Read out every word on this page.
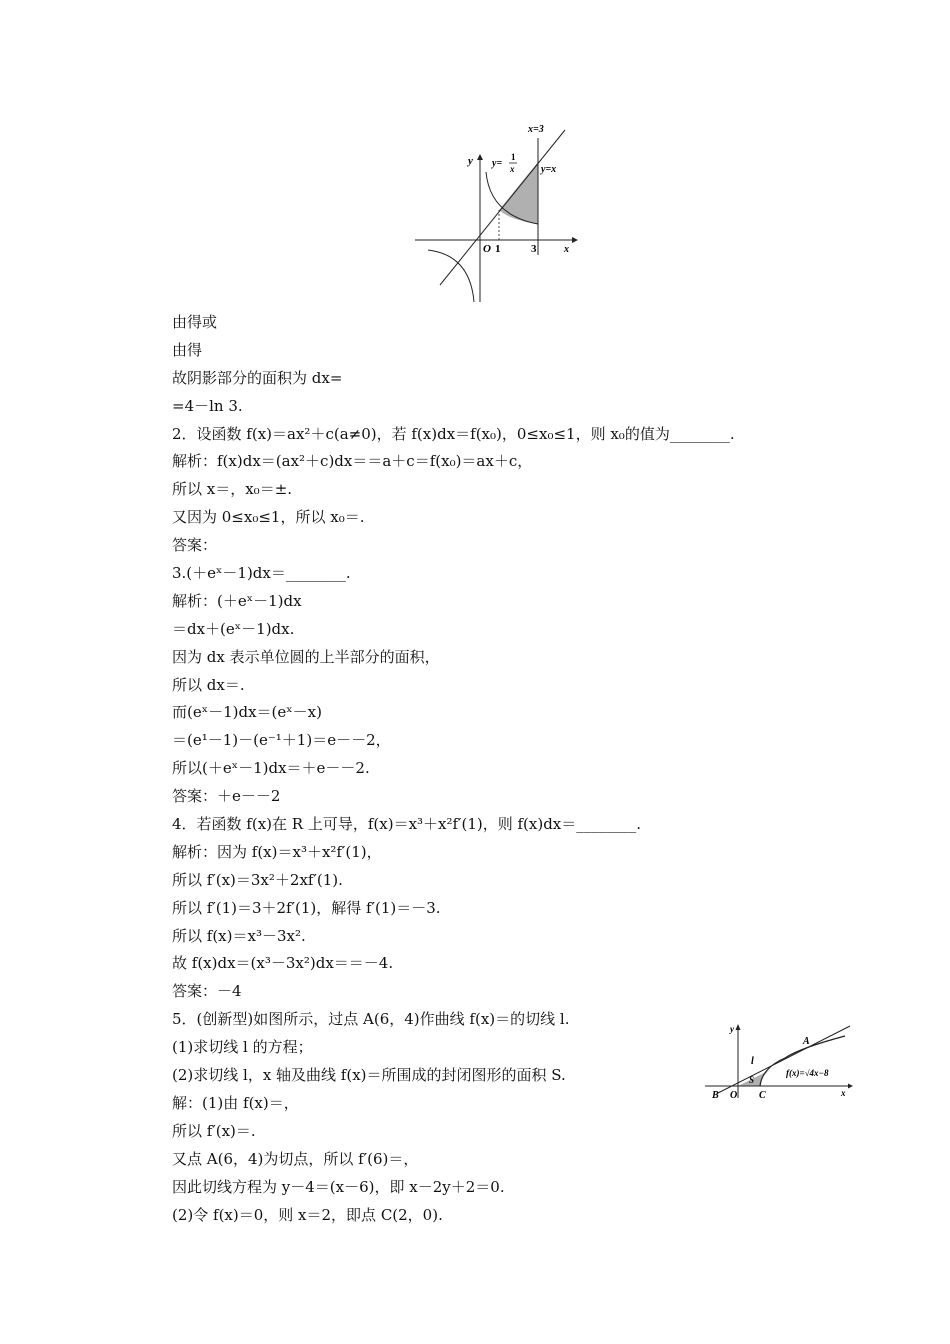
x=3
y y=
1
x	y=x
O 1	3	x
y
A
l
S
f(x)=√4x−8
B O C	x
由得或
由得
故阴影部分的面积为 dx=
=4－ln 3.
2．设函数 f(x)＝ax²＋c(a≠0)，若 f(x)dx＝f(x₀)，0≤x₀≤1，则 x₀的值为________.
解析：f(x)dx＝(ax²＋c)dx＝＝a＋c＝f(x₀)＝ax＋c，
所以 x＝，x₀＝±.
又因为 0≤x₀≤1，所以 x₀＝.
答案：
3.(＋eˣ－1)dx＝________.
解析：(＋eˣ－1)dx
＝dx＋(eˣ－1)dx.
因为 dx 表示单位圆的上半部分的面积，
所以 dx＝.
而(eˣ－1)dx＝(eˣ－x)
＝(e¹－1)－(e⁻¹＋1)＝e－－2，
所以(＋eˣ－1)dx＝＋e－－2.
答案：＋e－－2
4．若函数 f(x)在 R 上可导，f(x)＝x³＋x²f′(1)，则 f(x)dx＝________.
解析：因为 f(x)＝x³＋x²f′(1)，
所以 f′(x)＝3x²＋2xf′(1).
所以 f′(1)＝3＋2f′(1)，解得 f′(1)＝－3.
所以 f(x)＝x³－3x².
故 f(x)dx＝(x³－3x²)dx＝＝－4.
答案：－4
5．(创新型)如图所示，过点 A(6，4)作曲线 f(x)＝的切线 l.
(1)求切线 l 的方程；
(2)求切线 l，x 轴及曲线 f(x)＝所围成的封闭图形的面积 S.
解：(1)由 f(x)＝，
所以 f′(x)＝.
又点 A(6，4)为切点，所以 f′(6)＝，
因此切线方程为 y－4＝(x－6)，即 x－2y＋2＝0.
(2)令 f(x)＝0，则 x＝2，即点 C(2，0).
